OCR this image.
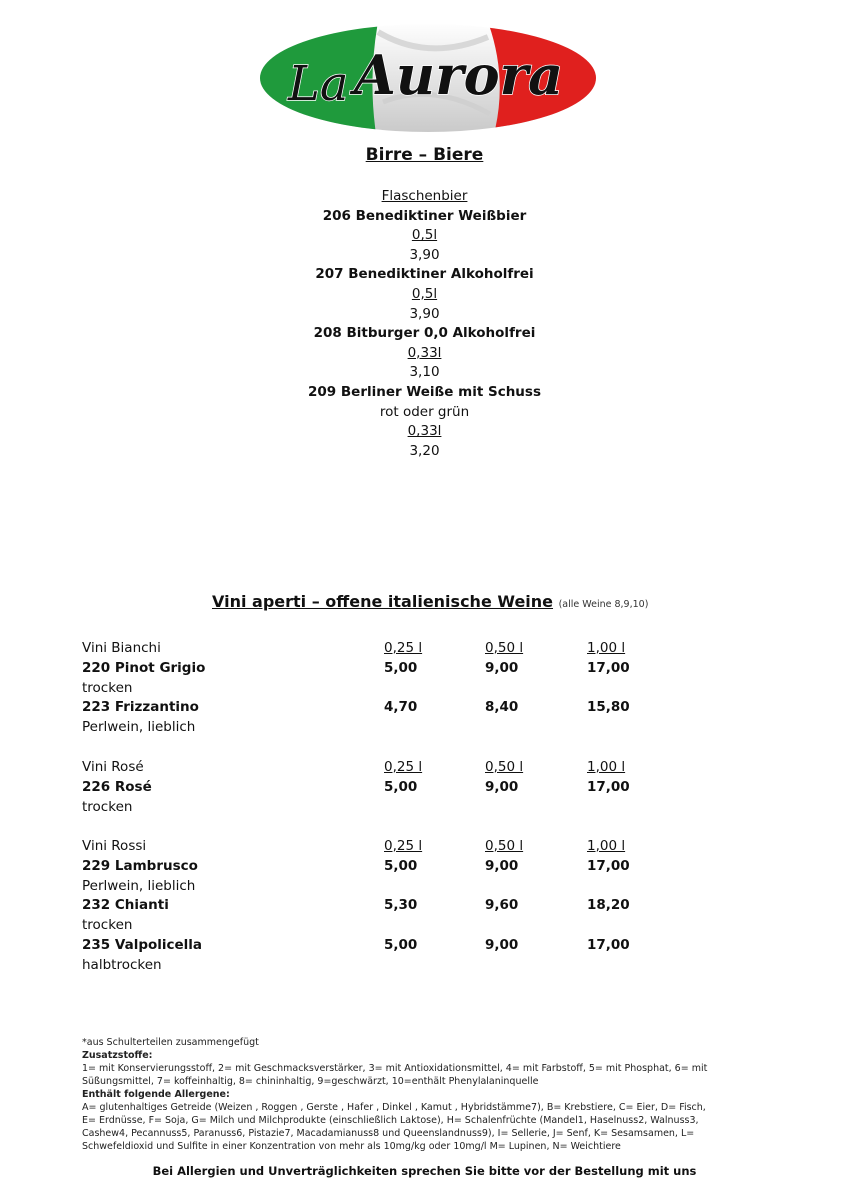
La Aurora
Birre – Biere
Flaschenbier
206 Benediktiner Weißbier
0,5l
3,90
207 Benediktiner Alkoholfrei
0,5l
3,90
208 Bitburger 0,0 Alkoholfrei
0,33l
3,10
209 Berliner Weiße mit Schuss
rot oder grün
0,33l
3,20
Vini aperti – offene italienische Weine (alle Weine 8,9,10)
Vini Bianchi	0,25 l	0,50 l	1,00 l
220 Pinot Grigio	5,00	9,00	17,00
trocken
223 Frizzantino	4,70	8,40	15,80
Perlwein, lieblich
Vini Rosé	0,25 l	0,50 l	1,00 l
226 Rosé	5,00	9,00	17,00
trocken
Vini Rossi	0,25 l	0,50 l	1,00 l
229 Lambrusco	5,00	9,00	17,00
Perlwein, lieblich
232 Chianti	5,30	9,60	18,20
trocken
235 Valpolicella	5,00	9,00	17,00
halbtrocken
*aus Schulterteilen zusammengefügt
Zusatzstoffe:
1= mit Konservierungsstoff, 2= mit Geschmacksverstärker, 3= mit Antioxidationsmittel, 4= mit Farbstoff, 5= mit Phosphat, 6= mit Süßungsmittel, 7= koffeinhaltig, 8= chininhaltig, 9=geschwärzt, 10=enthält Phenylalaninquelle
Enthält folgende Allergene:
A= glutenhaltiges Getreide (Weizen , Roggen , Gerste , Hafer , Dinkel , Kamut , Hybridstämme7), B= Krebstiere, C= Eier, D= Fisch, E= Erdnüsse, F= Soja, G= Milch und Milchprodukte (einschließlich Laktose), H= Schalenfrüchte (Mandel1, Haselnuss2, Walnuss3, Cashew4, Pecannuss5, Paranuss6, Pistazie7, Macadamianuss8 und Queenslandnuss9), I= Sellerie, J= Senf, K= Sesamsamen, L= Schwefeldioxid und Sulfite in einer Konzentration von mehr als 10mg/kg oder 10mg/l M= Lupinen, N= Weichtiere
Bei Allergien und Unverträglichkeiten sprechen Sie bitte vor der Bestellung mit uns
